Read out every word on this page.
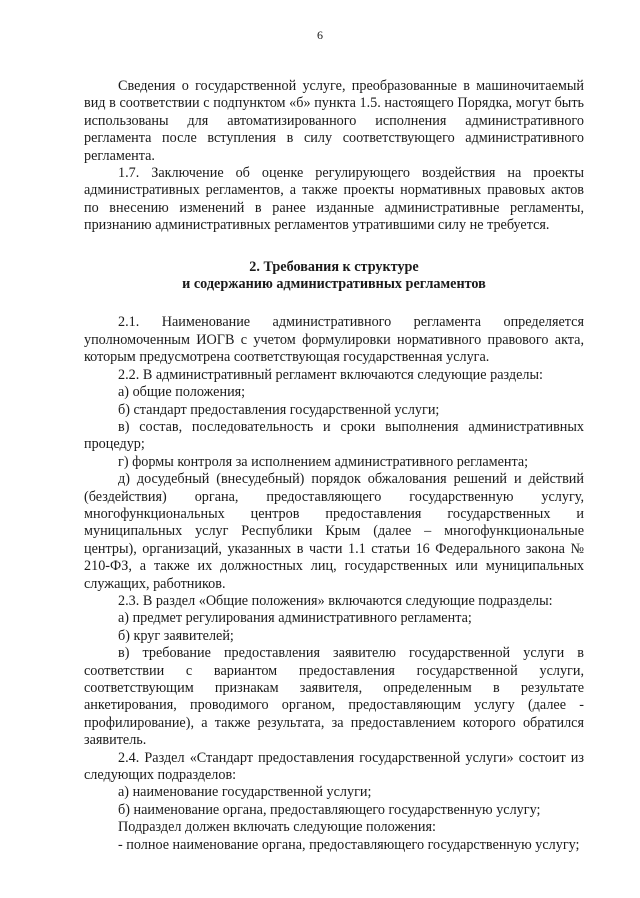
6

Сведения о государственной услуге, преобразованные в машиночитаемый вид в соответствии с подпунктом «б» пункта 1.5. настоящего Порядка, могут быть использованы для автоматизированного исполнения административного регламента после вступления в силу соответствующего административного регламента.

1.7. Заключение об оценке регулирующего воздействия на проекты административных регламентов, а также проекты нормативных правовых актов по внесению изменений в ранее изданные административные регламенты, признанию административных регламентов утратившими силу не требуется.

2. Требования к структуре
и содержанию административных регламентов

2.1. Наименование административного регламента определяется уполномоченным ИОГВ с учетом формулировки нормативного правового акта, которым предусмотрена соответствующая государственная услуга.

2.2. В административный регламент включаются следующие разделы:

а) общие положения;

б) стандарт предоставления государственной услуги;

в) состав, последовательность и сроки выполнения административных процедур;

г) формы контроля за исполнением административного регламента;

д) досудебный (внесудебный) порядок обжалования решений и действий (бездействия) органа, предоставляющего государственную услугу, многофункциональных центров предоставления государственных и муниципальных услуг Республики Крым (далее – многофункциональные центры), организаций, указанных в части 1.1 статьи 16 Федерального закона № 210-ФЗ, а также их должностных лиц, государственных или муниципальных служащих, работников.

2.3. В раздел «Общие положения» включаются следующие подразделы:

а) предмет регулирования административного регламента;

б) круг заявителей;

в) требование предоставления заявителю государственной услуги в соответствии с вариантом предоставления государственной услуги, соответствующим признакам заявителя, определенным в результате анкетирования, проводимого органом, предоставляющим услугу (далее - профилирование), а также результата, за предоставлением которого обратился заявитель.

2.4. Раздел «Стандарт предоставления государственной услуги» состоит из следующих подразделов:

а) наименование государственной услуги;

б) наименование органа, предоставляющего государственную услугу;

Подраздел должен включать следующие положения:

- полное наименование органа, предоставляющего государственную услугу;
